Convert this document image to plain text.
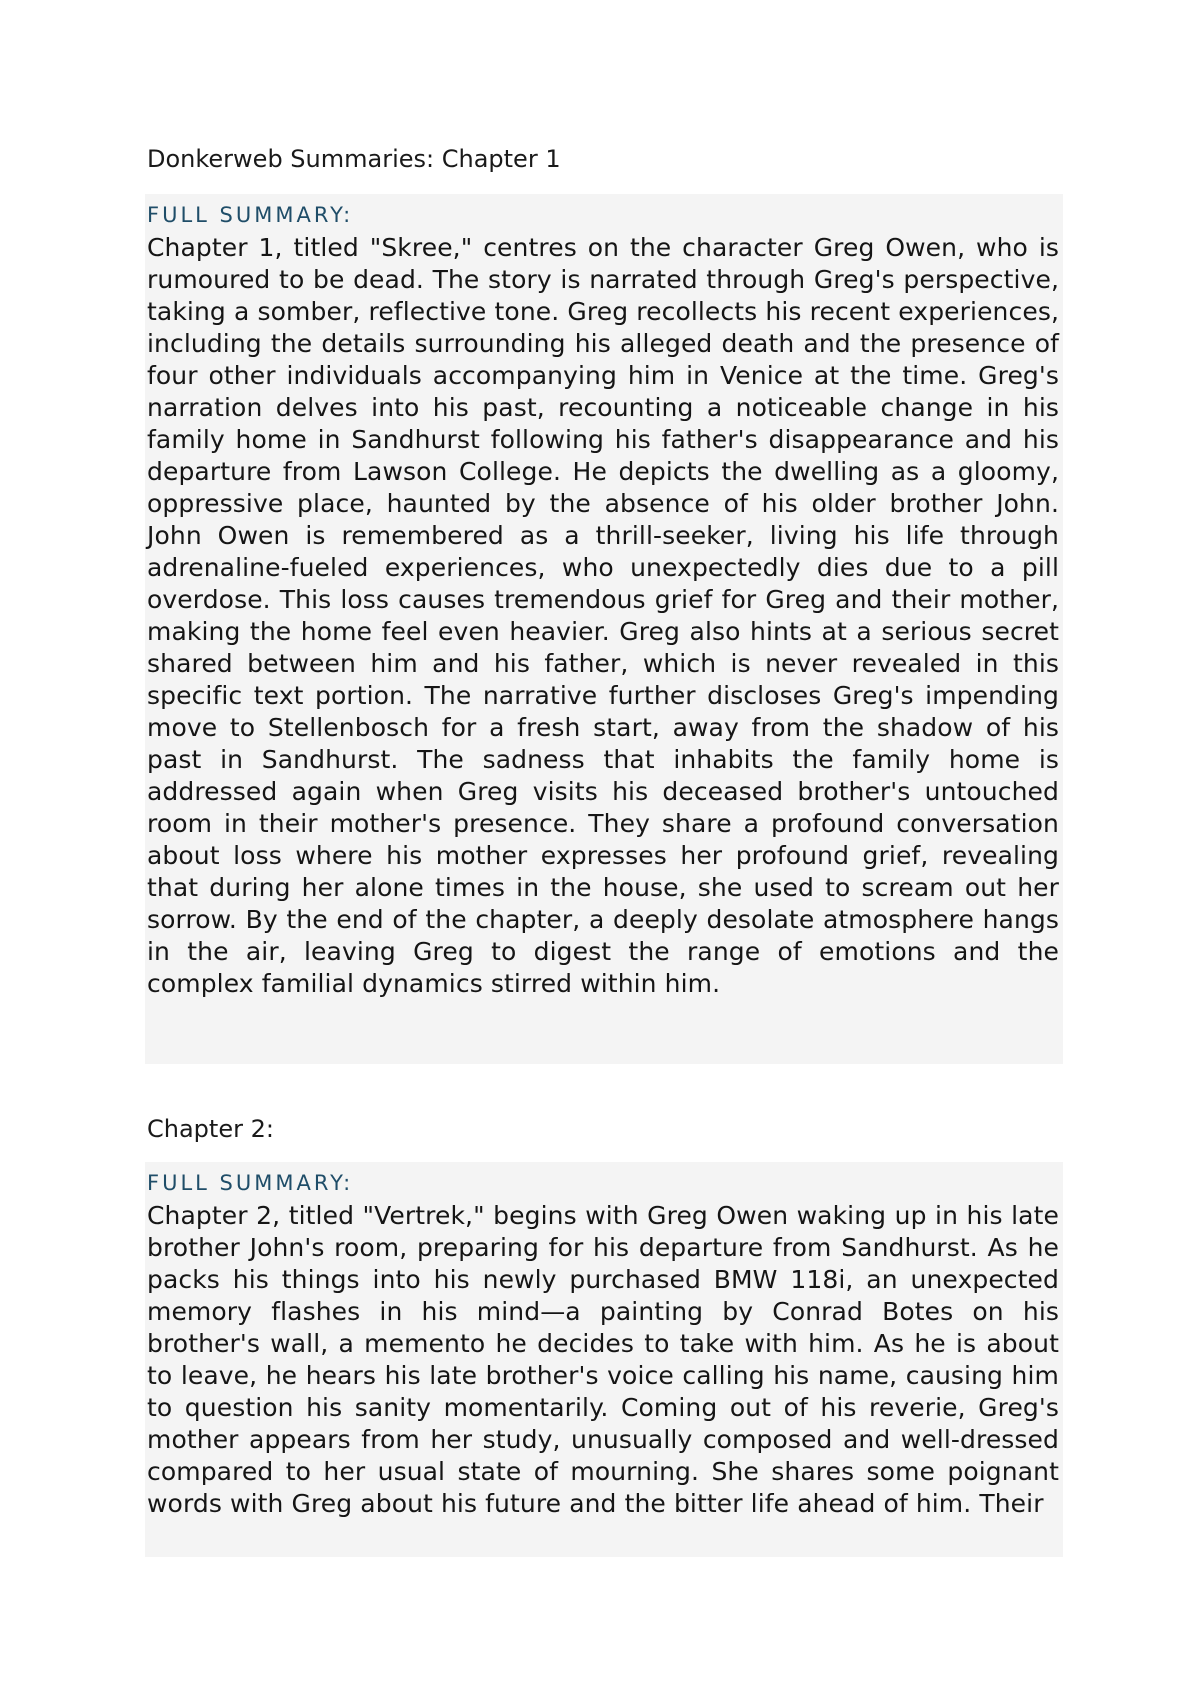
Donkerweb Summaries: Chapter 1
FULL SUMMARY:

Chapter 1, titled "Skree," centres on the character Greg Owen, who is rumoured to be dead. The story is narrated through Greg's perspective, taking a somber, reflective tone. Greg recollects his recent experiences, including the details surrounding his alleged death and the presence of four other individuals accompanying him in Venice at the time. Greg's narration delves into his past, recounting a noticeable change in his family home in Sandhurst following his father's disappearance and his departure from Lawson College. He depicts the dwelling as a gloomy, oppressive place, haunted by the absence of his older brother John. John Owen is remembered as a thrill-seeker, living his life through adrenaline-fueled experiences, who unexpectedly dies due to a pill overdose. This loss causes tremendous grief for Greg and their mother, making the home feel even heavier. Greg also hints at a serious secret shared between him and his father, which is never revealed in this specific text portion. The narrative further discloses Greg's impending move to Stellenbosch for a fresh start, away from the shadow of his past in Sandhurst. The sadness that inhabits the family home is addressed again when Greg visits his deceased brother's untouched room in their mother's presence. They share a profound conversation about loss where his mother expresses her profound grief, revealing that during her alone times in the house, she used to scream out her sorrow. By the end of the chapter, a deeply desolate atmosphere hangs in the air, leaving Greg to digest the range of emotions and the complex familial dynamics stirred within him.

Chapter 2:
FULL SUMMARY:

Chapter 2, titled "Vertrek," begins with Greg Owen waking up in his late brother John's room, preparing for his departure from Sandhurst. As he packs his things into his newly purchased BMW 118i, an unexpected memory flashes in his mind—a painting by Conrad Botes on his brother's wall, a memento he decides to take with him. As he is about to leave, he hears his late brother's voice calling his name, causing him to question his sanity momentarily. Coming out of his reverie, Greg's mother appears from her study, unusually composed and well-dressed compared to her usual state of mourning. She shares some poignant words with Greg about his future and the bitter life ahead of him. Their
